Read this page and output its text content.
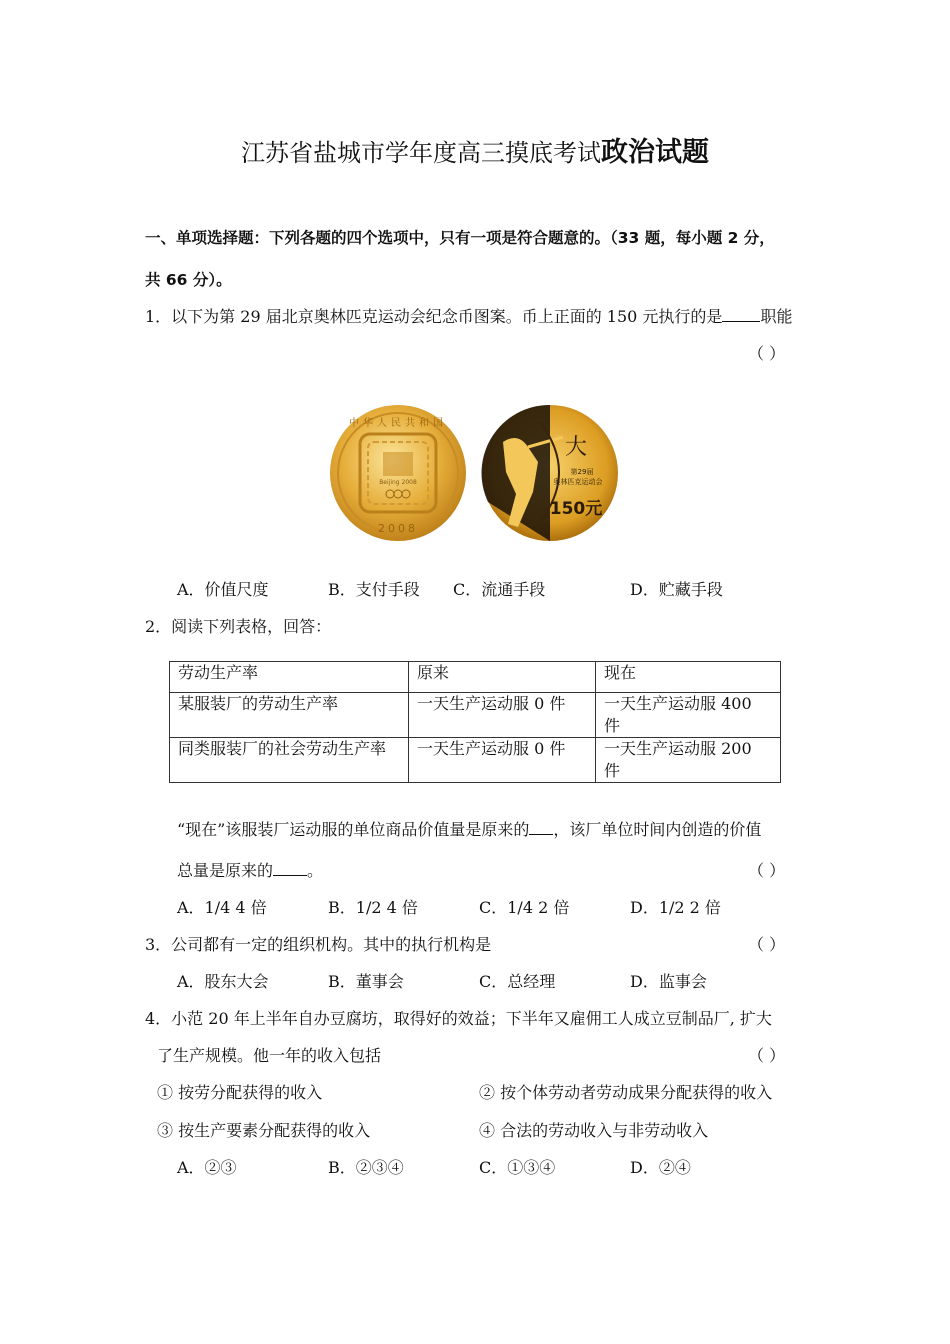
江苏省盐城市学年度高三摸底考试政治试题
一、单项选择题：下列各题的四个选项中，只有一项是符合题意的。（33 题，每小题 2 分，
共 66 分）。
1．以下为第 29 届北京奥林匹克运动会纪念币图案。币上正面的 150 元执行的是 职能
（ ）
Beijing 2008
中华人民共和国
2008
大
第29届
奥林匹克运动会
150元
A．价值尺度	B．支付手段 C．流通手段	D．贮藏手段
2．阅读下列表格，回答：
劳动生产率	原来	现在
某服装厂的劳动生产率	一天生产运动服 0 件	一天生产运动服 400 件
同类服装厂的社会劳动生产率	一天生产运动服 0 件	一天生产运动服 200 件
“现在”该服装厂运动服的单位商品价值量是原来的 ，该厂单位时间内创造的价值
总量是原来的 。	（ ）
A．1/4 4 倍	B．1/2 4 倍	C．1/4 2 倍	D．1/2 2 倍
3．公司都有一定的组织机构。其中的执行机构是	（ ）
A．股东大会	B．董事会	C．总经理	D．监事会
4．小范 20 年上半年自办豆腐坊，取得好的效益；下半年又雇佣工人成立豆制品厂, 扩大
了生产规模。他一年的收入包括	（ ）
① 按劳分配获得的收入	② 按个体劳动者劳动成果分配获得的收入
③ 按生产要素分配获得的收入	④ 合法的劳动收入与非劳动收入
A．②③	B．②③④	C．①③④	D．②④
